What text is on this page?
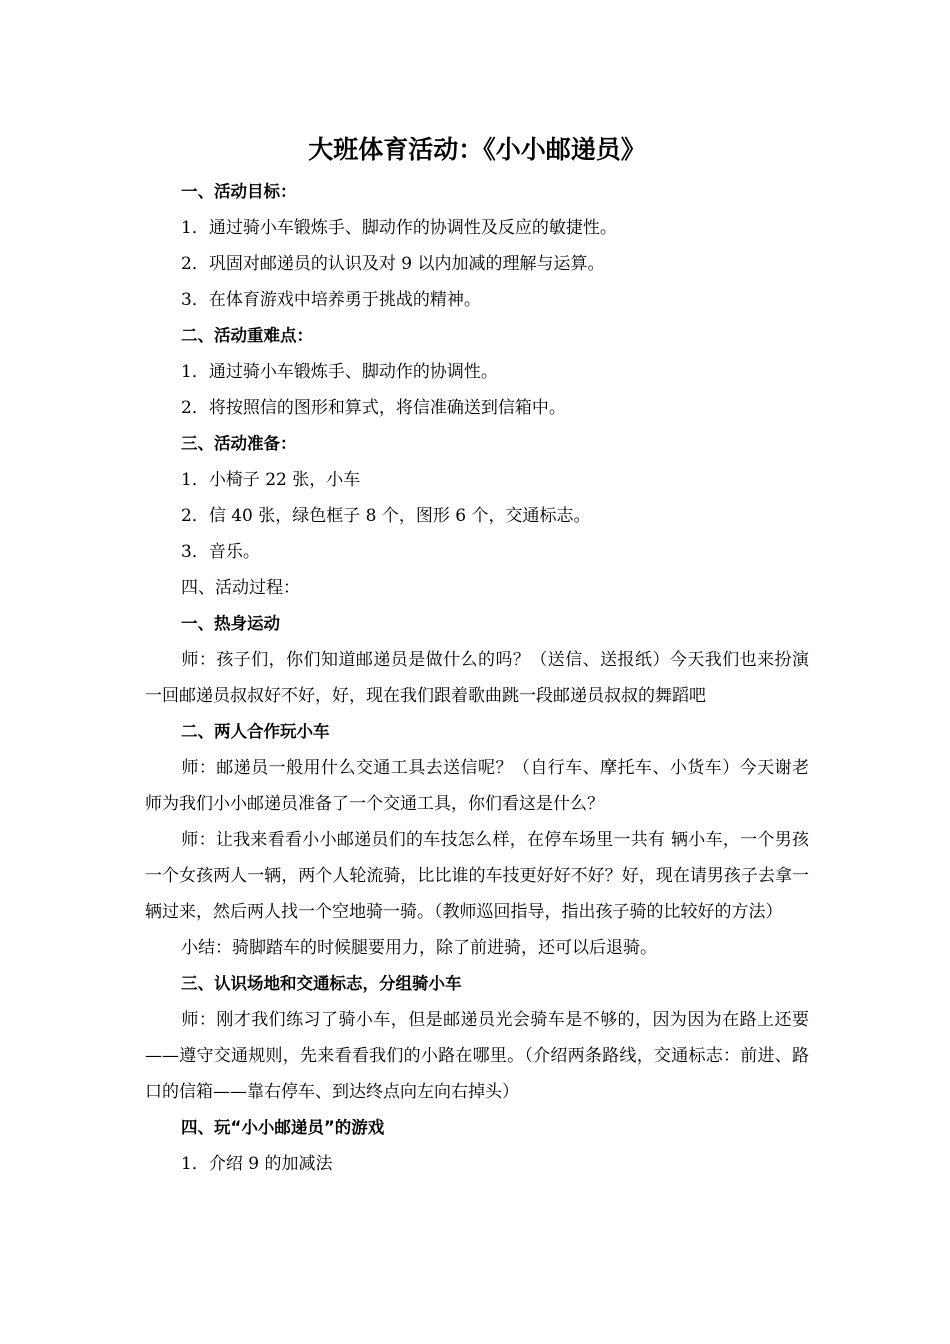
大班体育活动：《小小邮递员》

一、活动目标：

1．通过骑小车锻炼手、脚动作的协调性及反应的敏捷性。

2．巩固对邮递员的认识及对 9 以内加减的理解与运算。

3．在体育游戏中培养勇于挑战的精神。

二、活动重难点：

1．通过骑小车锻炼手、脚动作的协调性。

2．将按照信的图形和算式，将信准确送到信箱中。

三、活动准备：

1．小椅子 22 张，小车

2．信 40 张，绿色框子 8 个，图形 6 个，交通标志。

3．音乐。

四、活动过程：

一、热身运动

师：孩子们，你们知道邮递员是做什么的吗？（送信、送报纸）今天我们也来扮演一回邮递员叔叔好不好，好，现在我们跟着歌曲跳一段邮递员叔叔的舞蹈吧

二、两人合作玩小车

师：邮递员一般用什么交通工具去送信呢？（自行车、摩托车、小货车）今天谢老师为我们小小邮递员准备了一个交通工具，你们看这是什么？

师：让我来看看小小邮递员们的车技怎么样，在停车场里一共有 辆小车，一个男孩一个女孩两人一辆，两个人轮流骑，比比谁的车技更好好不好？好，现在请男孩子去拿一辆过来，然后两人找一个空地骑一骑。（教师巡回指导，指出孩子骑的比较好的方法）

小结：骑脚踏车的时候腿要用力，除了前进骑，还可以后退骑。

三、认识场地和交通标志，分组骑小车

师：刚才我们练习了骑小车，但是邮递员光会骑车是不够的，因为因为在路上还要——遵守交通规则，先来看看我们的小路在哪里。（介绍两条路线，交通标志：前进、路口的信箱——靠右停车、到达终点向左向右掉头）

四、玩“小小邮递员”的游戏

1．介绍 9 的加减法
